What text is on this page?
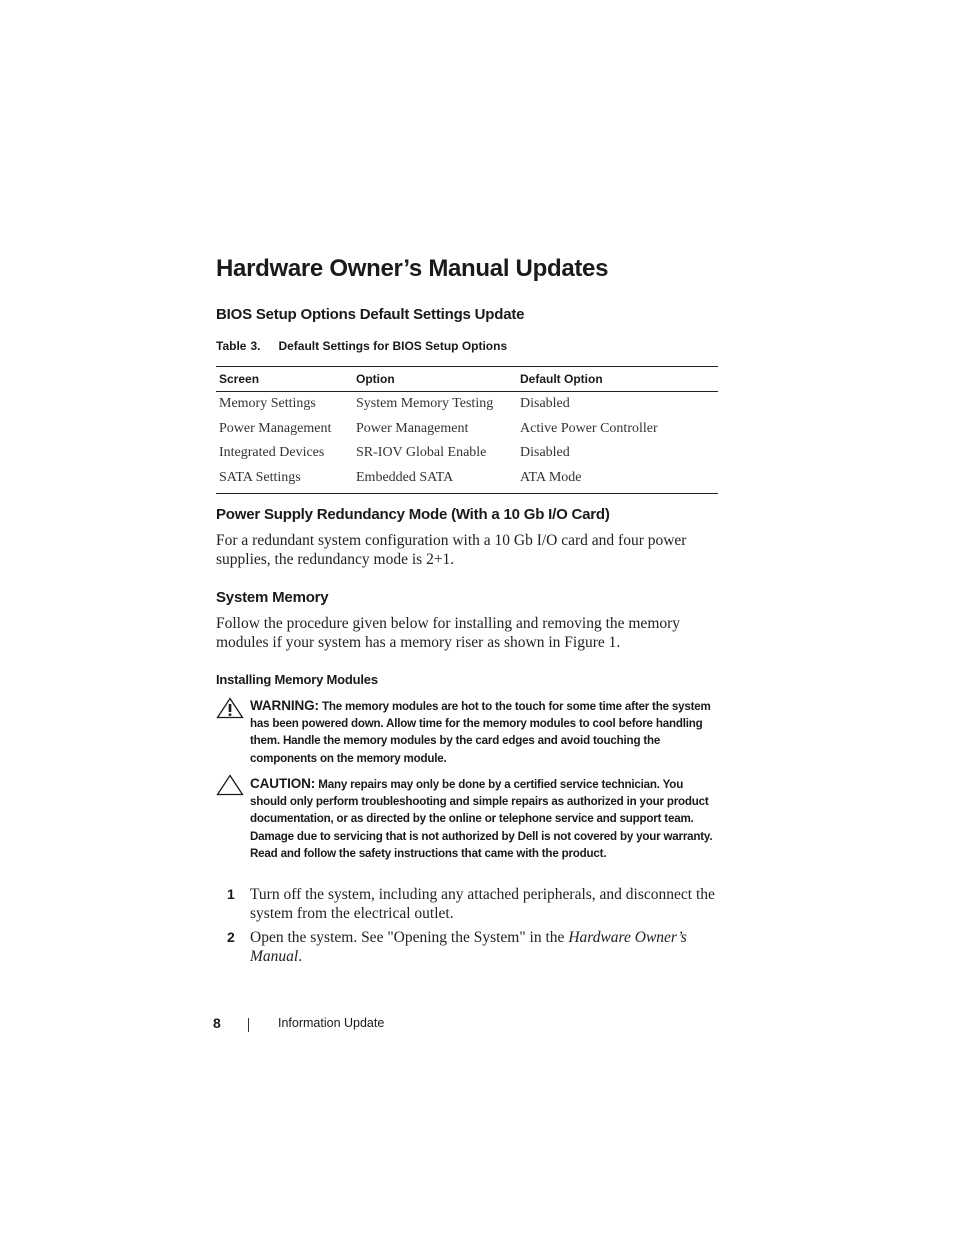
Hardware Owner’s Manual Updates
BIOS Setup Options Default Settings Update
Table 3. Default Settings for BIOS Setup Options
Screen	Option	Default Option
Memory Settings	System Memory Testing	Disabled
Power Management	Power Management	Active Power Controller
Integrated Devices	SR-IOV Global Enable	Disabled
SATA Settings	Embedded SATA	ATA Mode
Power Supply Redundancy Mode (With a 10 Gb I/O Card)
For a redundant system configuration with a 10 Gb I/O card and four power supplies, the redundancy mode is 2+1.
System Memory
Follow the procedure given below for installing and removing the memory modules if your system has a memory riser as shown in Figure 1.
Installing Memory Modules
WARNING: The memory modules are hot to the touch for some time after the system has been powered down. Allow time for the memory modules to cool before handling them. Handle the memory modules by the card edges and avoid touching the components on the memory module.
CAUTION: Many repairs may only be done by a certified service technician. You should only perform troubleshooting and simple repairs as authorized in your product documentation, or as directed by the online or telephone service and support team. Damage due to servicing that is not authorized by Dell is not covered by your warranty. Read and follow the safety instructions that came with the product.
1 Turn off the system, including any attached peripherals, and disconnect the system from the electrical outlet.
2 Open the system. See "Opening the System" in the Hardware Owner’s Manual.
8	Information Update
